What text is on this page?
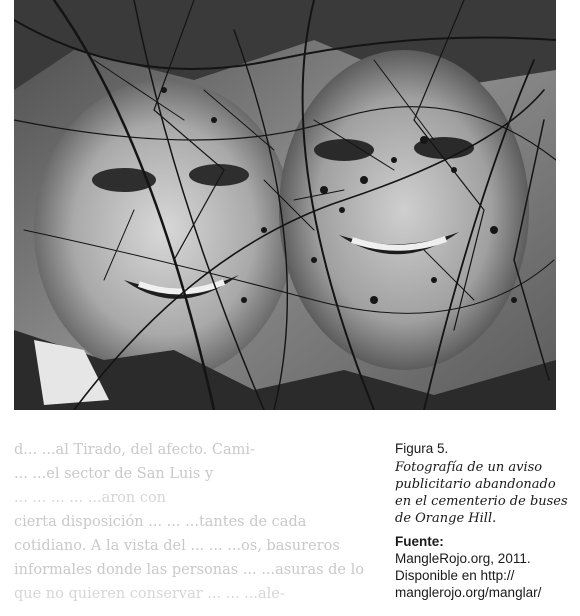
d... ...al Tirado, del afecto. Cami-

... ...el sector de San Luis y

... ... ... ... ...aron con

cierta disposición ... ... ...tantes de cada

cotidiano. A la vista del ... ... ...os, basureros

informales donde las personas ... ...asuras de lo

que no quieren conservar ... ... ...ale-

Figura 5.

Fotografía de un aviso publicitario abandonado en el cementerio de buses de Orange Hill.

Fuente:

MangleRojo.org, 2011. Disponible en http:// manglerojo.org/manglar/
